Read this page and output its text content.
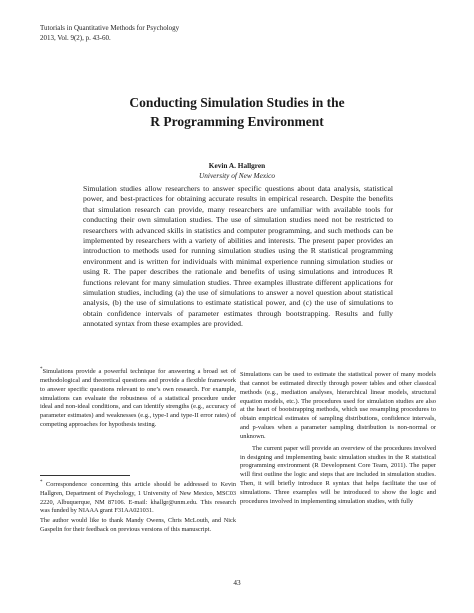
Tutorials in Quantitative Methods for Psychology
2013, Vol. 9(2), p. 43-60.
Conducting Simulation Studies in the
R Programming Environment
Kevin A. Hallgren
University of New Mexico
Simulation studies allow researchers to answer specific questions about data analysis, statistical power, and best-practices for obtaining accurate results in empirical research. Despite the benefits that simulation research can provide, many researchers are unfamiliar with available tools for conducting their own simulation studies. The use of simulation studies need not be restricted to researchers with advanced skills in statistics and computer programming, and such methods can be implemented by researchers with a variety of abilities and interests. The present paper provides an introduction to methods used for running simulation studies using the R statistical programming environment and is written for individuals with minimal experience running simulation studies or using R. The paper describes the rationale and benefits of using simulations and introduces R functions relevant for many simulation studies. Three examples illustrate different applications for simulation studies, including (a) the use of simulations to answer a novel question about statistical analysis, (b) the use of simulations to estimate statistical power, and (c) the use of simulations to obtain confidence intervals of parameter estimates through bootstrapping. Results and fully annotated syntax from these examples are provided.

*Simulations provide a powerful technique for answering a broad set of methodological and theoretical questions and provide a flexible framework to answer specific questions relevant to one’s own research. For example, simulations can evaluate the robustness of a statistical procedure under ideal and non-ideal conditions, and can identify strengths (e.g., accuracy of parameter estimates) and weaknesses (e.g., type-I and type-II error rates) of competing approaches for hypothesis testing.

Simulations can be used to estimate the statistical power of many models that cannot be estimated directly through power tables and other classical methods (e.g., mediation analyses, hierarchical linear models, structural equation models, etc.). The procedures used for simulation studies are also at the heart of bootstrapping methods, which use resampling procedures to obtain empirical estimates of sampling distributions, confidence intervals, and p-values when a parameter sampling distribution is non-normal or unknown.

The current paper will provide an overview of the procedures involved in designing and implementing basic simulation studies in the R statistical programming environment (R Development Core Team, 2011). The paper will first outline the logic and steps that are included in simulation studies. Then, it will briefly introduce R syntax that helps facilitate the use of simulations. Three examples will be introduced to show the logic and procedures involved in implementing simulation studies, with fully

* Correspondence concerning this article should be addressed to Kevin Hallgren, Department of Psychology, 1 University of New Mexico, MSC03 2220, Albuquerque, NM 87106. E-mail: khallgr@unm.edu. This research was funded by NIAAA grant F31AA021031.

The author would like to thank Mandy Owens, Chris McLouth, and Nick Gaspelin for their feedback on previous versions of this manuscript.

43
